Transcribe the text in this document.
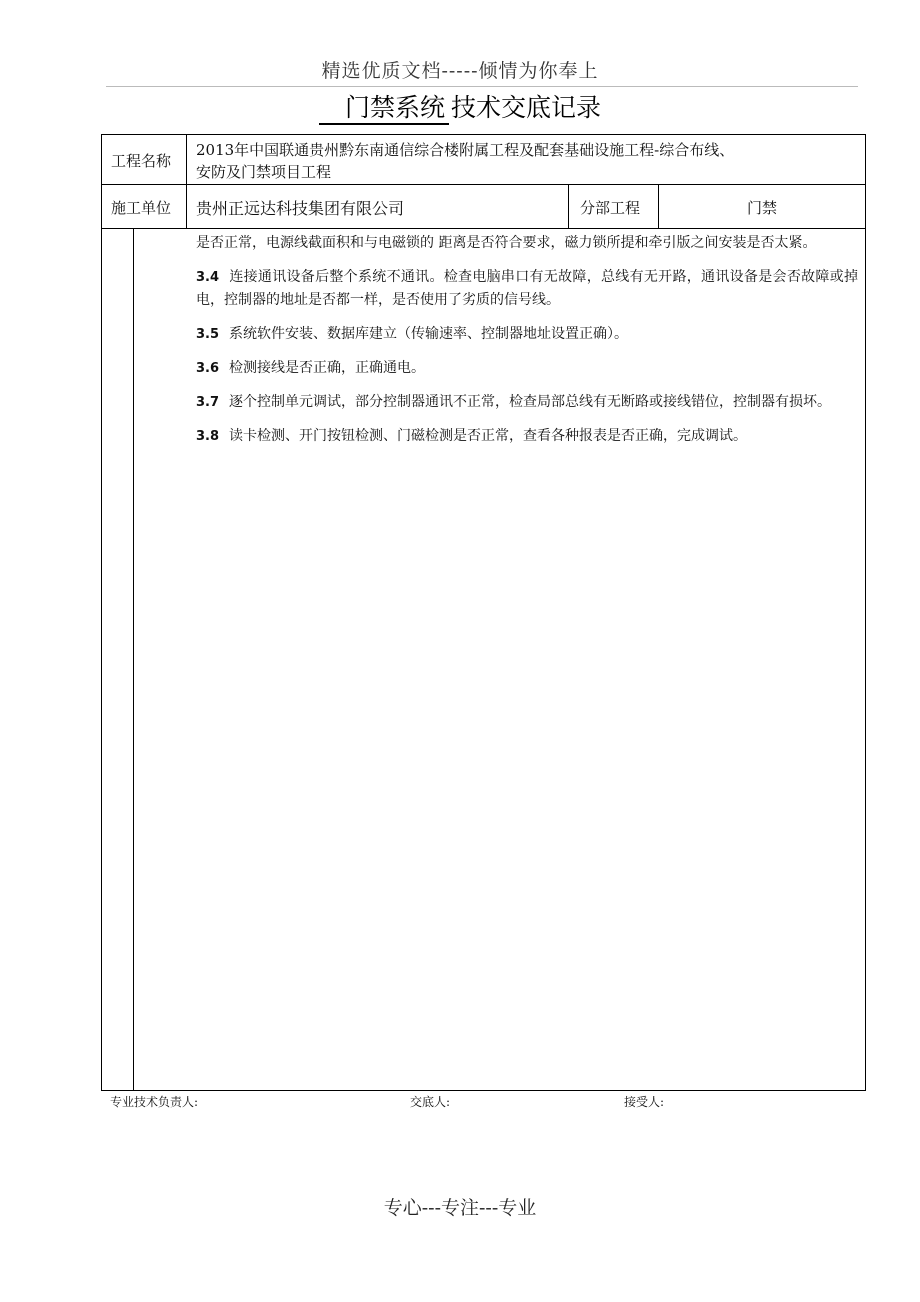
精选优质文档-----倾情为你奉上
门禁系统 技术交底记录
工程名称
2013年中国联通贵州黔东南通信综合楼附属工程及配套基础设施工程-综合布线、
安防及门禁项目工程
施工单位 贵州正远达科技集团有限公司	分部工程	门禁

是否正常，电源线截面积和与电磁锁的 距离是否符合要求，磁力锁所提和牵引版之间安装是否太紧。

3.4 连接通讯设备后整个系统不通讯。检查电脑串口有无故障，总线有无开路，通讯设备是会否故障或掉电，控制器的地址是否都一样，是否使用了劣质的信号线。

3.5 系统软件安装、数据库建立（传输速率、控制器地址设置正确）。

3.6 检测接线是否正确，正确通电。

3.7 逐个控制单元调试，部分控制器通讯不正常，检查局部总线有无断路或接线错位，控制器有损坏。

3.8 读卡检测、开门按钮检测、门磁检测是否正常，查看各种报表是否正确，完成调试。

专业技术负责人:	交底人:	接受人:
专心---专注---专业
